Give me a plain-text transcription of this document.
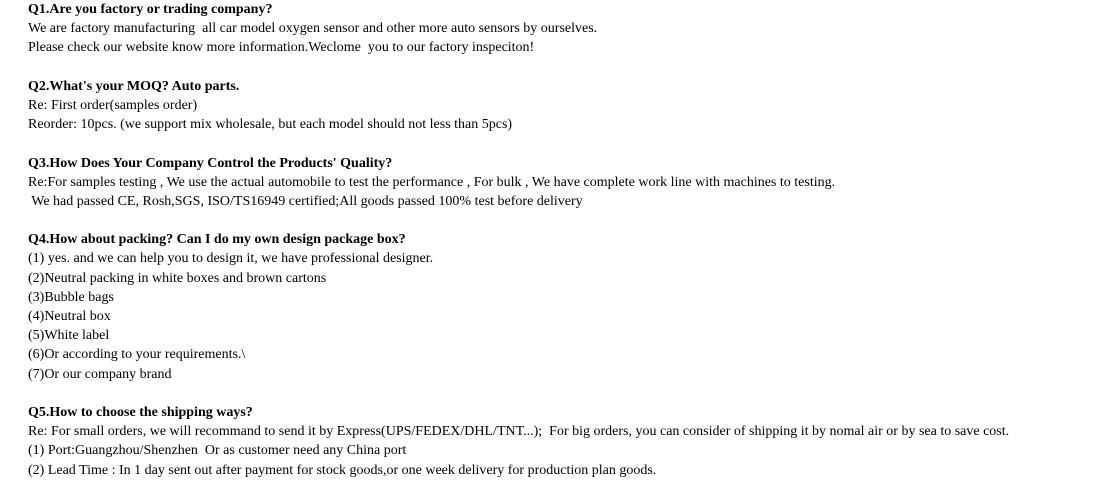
Q1.Are you factory or trading company?

We are factory manufacturing  all car model oxygen sensor and other more auto sensors by ourselves.

Please check our website know more information.Weclome  you to our factory inspeciton!

Q2.What's your MOQ? Auto parts.

Re: First order(samples order)

Reorder: 10pcs. (we support mix wholesale, but each model should not less than 5pcs)

Q3.How Does Your Company Control the Products' Quality?

Re:For samples testing , We use the actual automobile to test the performance , For bulk , We have complete work line with machines to testing.

We had passed CE, Rosh,SGS, ISO/TS16949 certified;All goods passed 100% test before delivery

Q4.How about packing? Can I do my own design package box?

(1) yes. and we can help you to design it, we have professional designer.

(2)Neutral packing in white boxes and brown cartons

(3)Bubble bags

(4)Neutral box

(5)White label

(6)Or according to your requirements.\

(7)Or our company brand

Q5.How to choose the shipping ways?

Re: For small orders, we will recommand to send it by Express(UPS/FEDEX/DHL/TNT...);  For big orders, you can consider of shipping it by nomal air or by sea to save cost.

(1) Port:Guangzhou/Shenzhen  Or as customer need any China port

(2) Lead Time : In 1 day sent out after payment for stock goods,or one week delivery for production plan goods.
